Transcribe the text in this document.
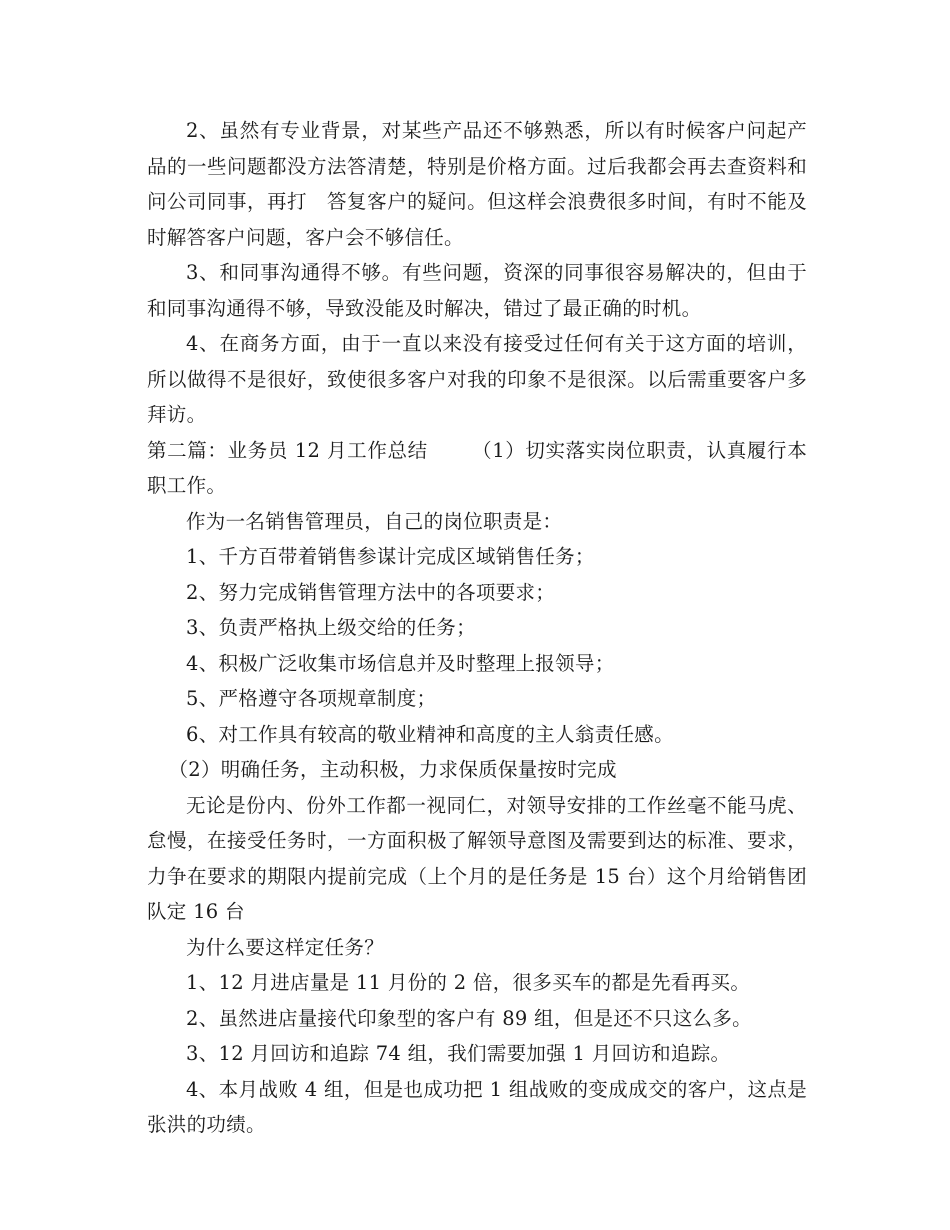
2、虽然有专业背景，对某些产品还不够熟悉，所以有时候客户问起产品的一些问题都没方法答清楚，特别是价格方面。过后我都会再去查资料和问公司同事，再打　答复客户的疑问。但这样会浪费很多时间，有时不能及时解答客户问题，客户会不够信任。

3、和同事沟通得不够。有些问题，资深的同事很容易解决的，但由于和同事沟通得不够，导致没能及时解决，错过了最正确的时机。

4、在商务方面，由于一直以来没有接受过任何有关于这方面的培训，所以做得不是很好，致使很多客户对我的印象不是很深。以后需重要客户多拜访。

第二篇：业务员 12 月工作总结 （1）切实落实岗位职责，认真履行本职工作。

作为一名销售管理员，自己的岗位职责是：

1、千方百带着销售参谋计完成区域销售任务；

2、努力完成销售管理方法中的各项要求；

3、负责严格执上级交给的任务；

4、积极广泛收集市场信息并及时整理上报领导；

5、严格遵守各项规章制度；

6、对工作具有较高的敬业精神和高度的主人翁责任感。

（2）明确任务，主动积极，力求保质保量按时完成

无论是份内、份外工作都一视同仁，对领导安排的工作丝毫不能马虎、怠慢，在接受任务时，一方面积极了解领导意图及需要到达的标准、要求，力争在要求的期限内提前完成（上个月的是任务是 15 台）这个月给销售团队定 16 台

为什么要这样定任务？

1、12 月进店量是 11 月份的 2 倍，很多买车的都是先看再买。

2、虽然进店量接代印象型的客户有 89 组，但是还不只这么多。

3、12 月回访和追踪 74 组，我们需要加强 1 月回访和追踪。

4、本月战败 4 组，但是也成功把 1 组战败的变成成交的客户，这点是张洪的功绩。
